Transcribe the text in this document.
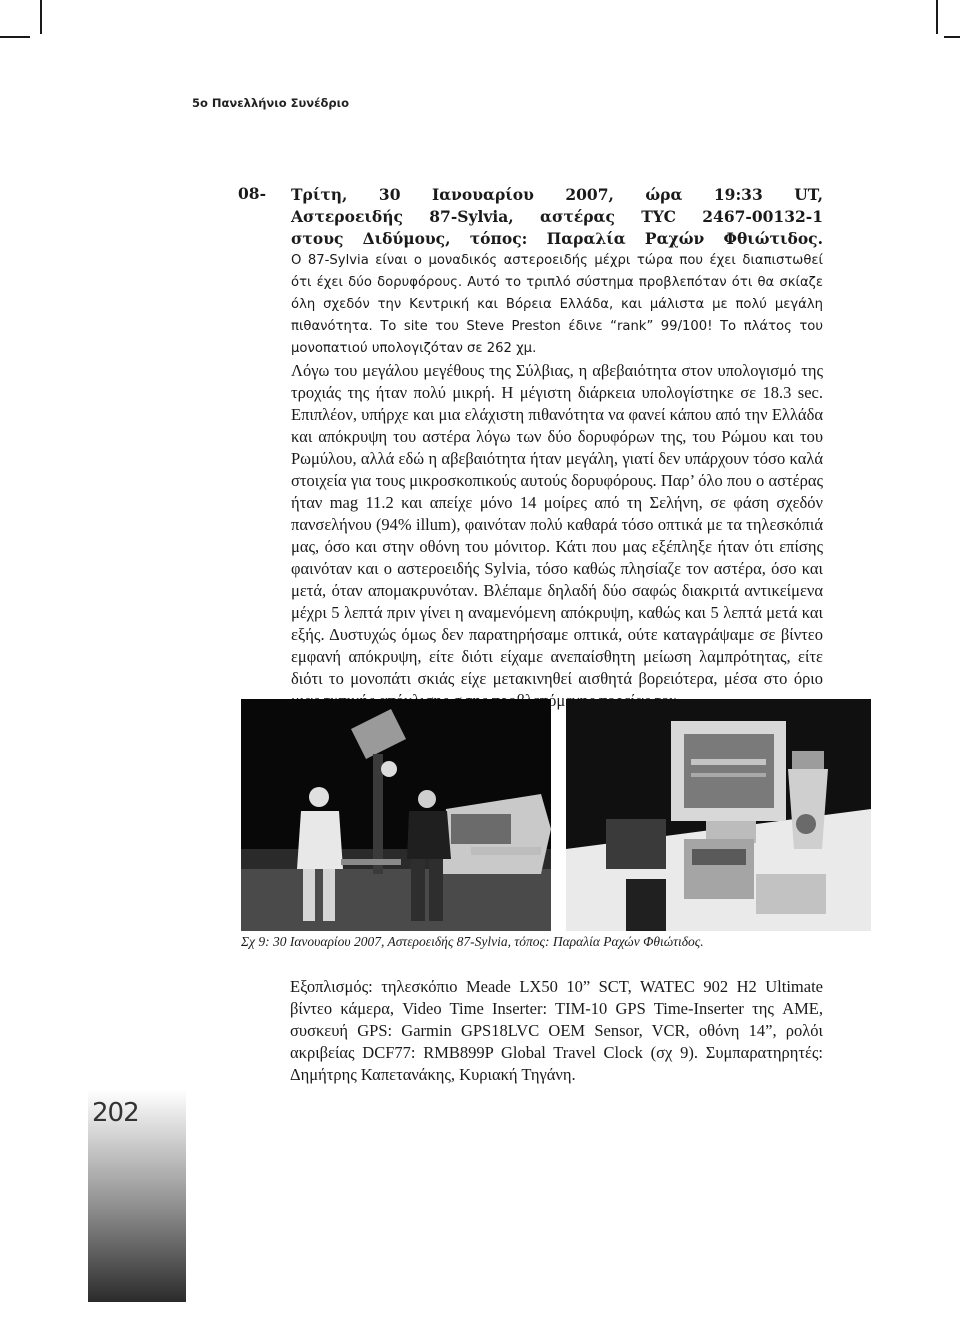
5ο Πανελλήνιο Συνέδριο
08- Τρίτη, 30 Ιανουαρίου 2007, ώρα 19:33 UT,

Αστεροειδής 87-Sylvia, αστέρας TYC 2467-00132-1

στους Διδύμους, τόπος: Παραλία Ραχών Φθιώτιδος.

Ο 87-Sylvia είναι ο μοναδικός αστεροειδής μέχρι τώρα που έχει διαπιστωθεί ότι έχει δύο δορυφόρους. Αυτό το τριπλό σύστημα προβλεπόταν ότι θα σκίαζε όλη σχεδόν την Κεντρική και Βόρεια Ελλάδα, και μάλιστα με πολύ μεγάλη πιθανότητα. Το site του Steve Preston έδινε “rank” 99/100! Το πλάτος του μονοπατιού υπολογιζόταν σε 262 χμ.

Λόγω του μεγάλου μεγέθους της Σύλβιας, η αβεβαιότητα στον υπολογισμό της τροχιάς της ήταν πολύ μικρή. Η μέγιστη διάρκεια υπολογίστηκε σε 18.3 sec. Επιπλέον, υπήρχε και μια ελάχιστη πιθανότητα να φανεί κάπου από την Ελλάδα και απόκρυψη του αστέρα λόγω των δύο δορυφόρων της, του Ρώμου και του Ρωμύλου, αλλά εδώ η αβεβαιότητα ήταν μεγάλη, γιατί δεν υπάρχουν τόσο καλά στοιχεία για τους μικροσκοπικούς αυτούς δορυφόρους. Παρ’ όλο που ο αστέρας ήταν mag 11.2 και απείχε μόνο 14 μοίρες από τη Σελήνη, σε φάση σχεδόν πανσελήνου (94% illum), φαινόταν πολύ καθαρά τόσο οπτικά με τα τηλεσκόπιά μας, όσο και στην οθόνη του μόνιτορ. Κάτι που μας εξέπληξε ήταν ότι επίσης φαινόταν και ο αστεροειδής Sylvia, τόσο καθώς πλησίαζε τον αστέρα, όσο και μετά, όταν απομακρυνόταν. Βλέπαμε δηλαδή δύο σαφώς διακριτά αντικείμενα μέχρι 5 λεπτά πριν γίνει η αναμενόμενη απόκρυψη, καθώς και 5 λεπτά μετά και εξής. Δυστυχώς όμως δεν παρατηρήσαμε οπτικά, ούτε καταγράψαμε σε βίντεο εμφανή απόκρυψη, είτε διότι είχαμε ανεπαίσθητη μείωση λαμπρότητας, είτε διότι το μονοπάτι σκιάς είχε μετακινηθεί αισθητά βορειότερα, μέσα στο όριο

Σχ 9: 30 Ιανουαρίου 2007, Αστεροειδής 87-Sylvia, τόπος: Παραλία Ραχών Φθιώτιδος.
Εξοπλισμός: τηλεσκόπιο Meade LX50 10” SCT, WATEC 902 H2 Ultimate βίντεο κάμερα, Video Time Inserter: TIM-10 GPS Time-Inserter της AME, συσκευή GPS: Garmin GPS18LVC OEM Sensor, VCR, οθόνη 14”, ρολόι ακριβείας DCF77: RMB899P Global Travel Clock (σχ 9). Συμπαρατηρητές: Δημήτρης Καπετανάκης, Κυριακή Τηγάνη.
202
